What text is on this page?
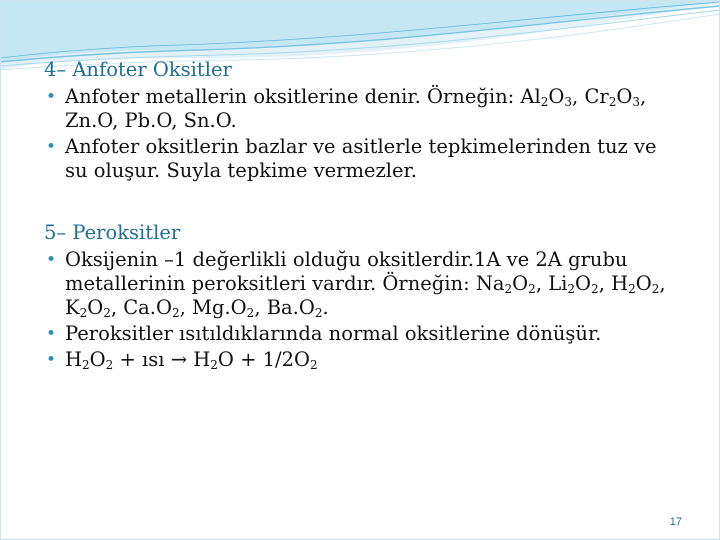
4– Anfoter Oksitler

• Anfoter metallerin oksitlerine denir. Örneğin: $Al_2O_3$, $Cr_2O_3$, Zn.O, Pb.O, Sn.O.
• Anfoter oksitlerin bazlar ve asitlerle tepkimelerinden tuz ve su oluşur. Suyla tepkime vermezler.

5– Peroksitler

• Oksijenin –1 değerlikli olduğu oksitlerdir.1A ve 2A grubu metallerinin peroksitleri vardır. Örneğin: $Na_2O_2$, $Li_2O_2$, $H_2O_2$, $K_2O_2$, $Ca.O_2$, $Mg.O_2$, $Ba.O_2$.
• Peroksitler ısıtıldıklarında normal oksitlerine dönüşür.
• $H_2O_2$ + ısı → $H_2O + 1/2O_2$
17
